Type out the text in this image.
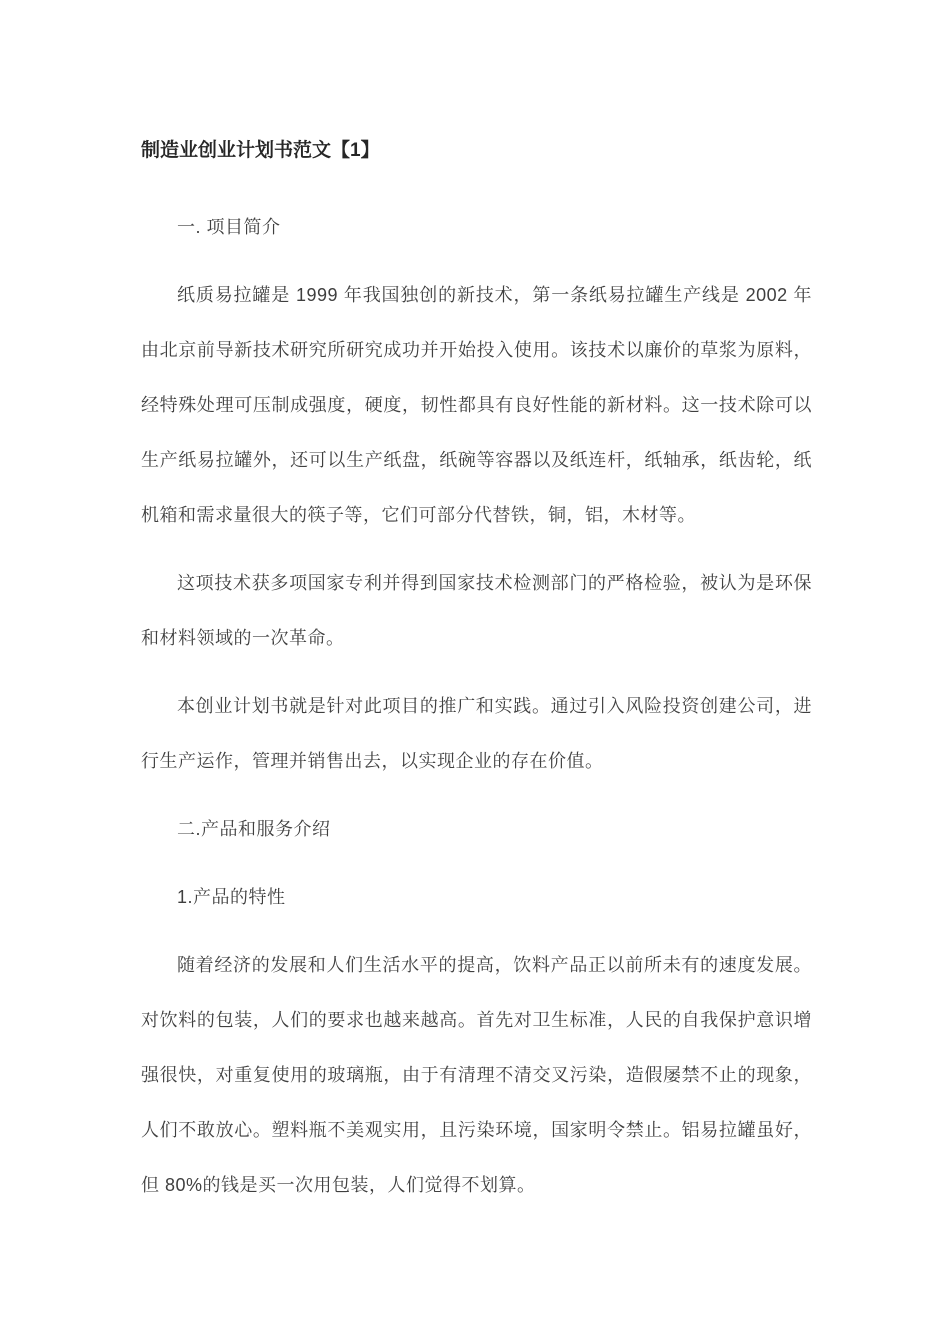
制造业创业计划书范文【1】

一. 项目简介

纸质易拉罐是 1999 年我国独创的新技术，第一条纸易拉罐生产线是 2002 年由北京前导新技术研究所研究成功并开始投入使用。该技术以廉价的草浆为原料，经特殊处理可压制成强度，硬度，韧性都具有良好性能的新材料。这一技术除可以生产纸易拉罐外，还可以生产纸盘，纸碗等容器以及纸连杆，纸轴承，纸齿轮，纸机箱和需求量很大的筷子等，它们可部分代替铁，铜，铝，木材等。

这项技术获多项国家专利并得到国家技术检测部门的严格检验，被认为是环保和材料领域的一次革命。

本创业计划书就是针对此项目的推广和实践。通过引入风险投资创建公司，进行生产运作，管理并销售出去，以实现企业的存在价值。

二.产品和服务介绍

1.产品的特性

随着经济的发展和人们生活水平的提高，饮料产品正以前所未有的速度发展。对饮料的包装，人们的要求也越来越高。首先对卫生标准，人民的自我保护意识增强很快，对重复使用的玻璃瓶，由于有清理不清交叉污染，造假屡禁不止的现象，人们不敢放心。塑料瓶不美观实用，且污染环境，国家明令禁止。铝易拉罐虽好，但 80%的钱是买一次用包装，人们觉得不划算。
